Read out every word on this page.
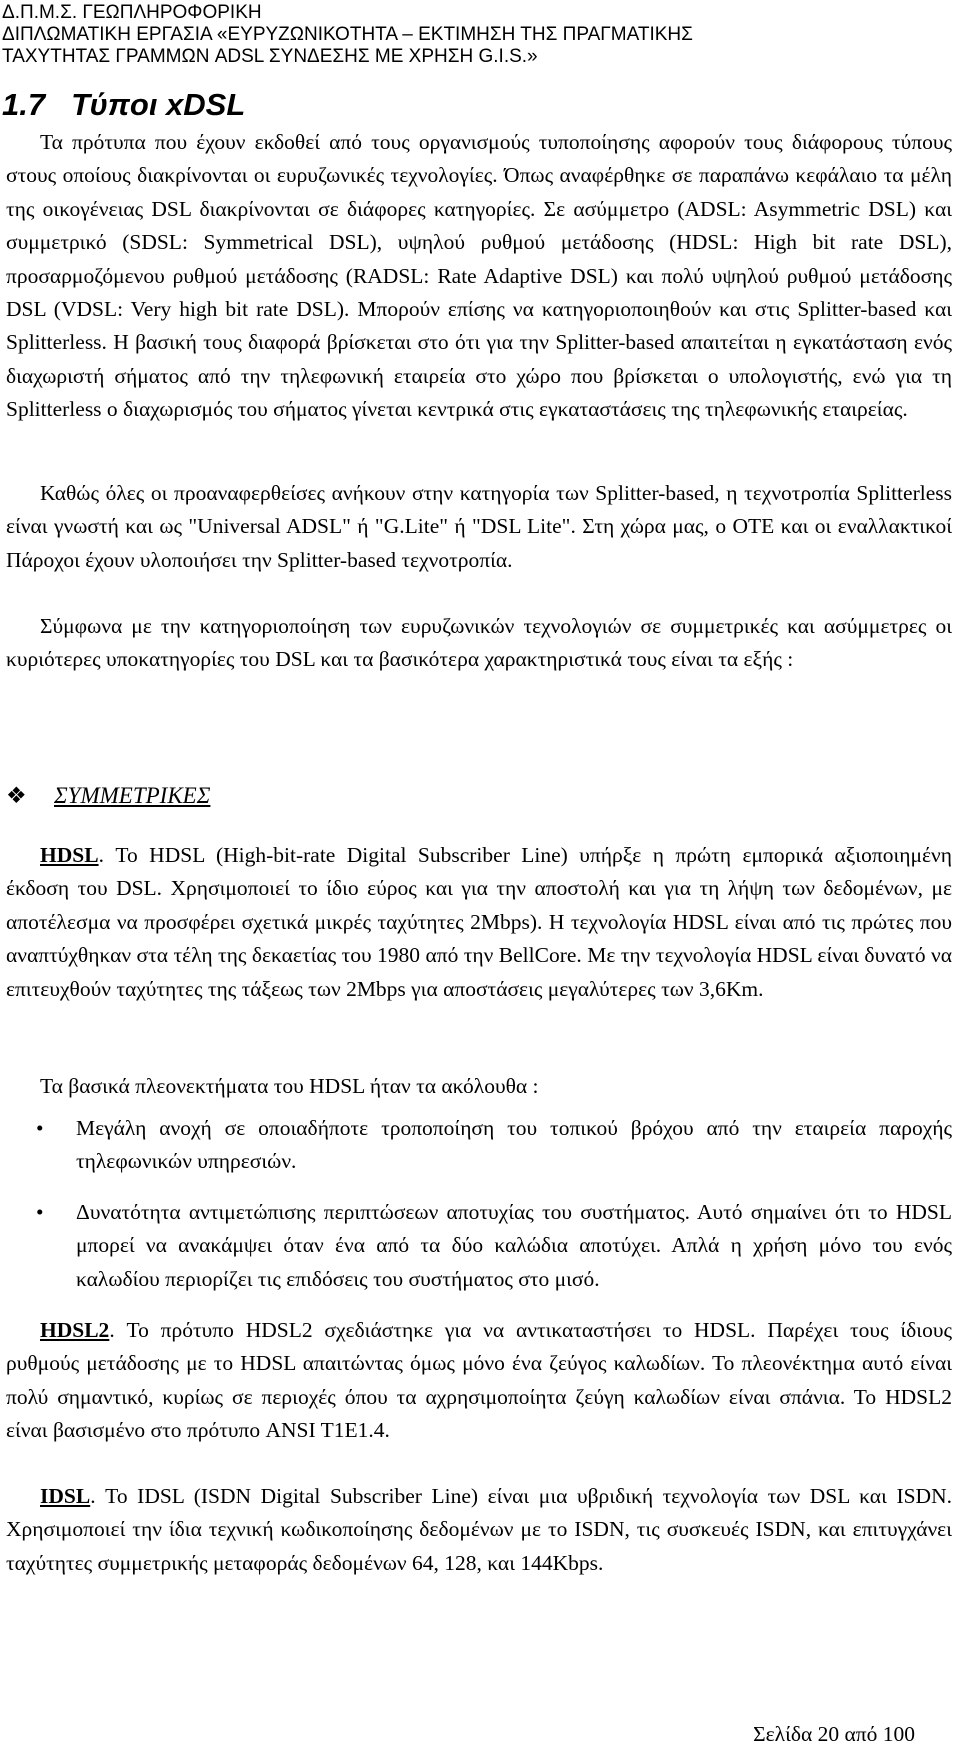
Δ.Π.Μ.Σ. ΓΕΩΠΛΗΡΟΦΟΡΙΚΗ
ΔΙΠΛΩΜΑΤΙΚΗ ΕΡΓΑΣΙΑ «ΕΥΡΥΖΩΝΙΚΟΤΗΤΑ – ΕΚΤΙΜΗΣΗ ΤΗΣ ΠΡΑΓΜΑΤΙΚΗΣ
ΤΑΧΥΤΗΤΑΣ ΓΡΑΜΜΩΝ ADSL ΣΥΝΔΕΣΗΣ ΜΕ ΧΡΗΣΗ G.I.S.»
1.7 Τύποι xDSL

Τα πρότυπα που έχουν εκδοθεί από τους οργανισμούς τυποποίησης αφορούν τους διάφορους τύπους στους οποίους διακρίνονται οι ευρυζωνικές τεχνολογίες. Όπως αναφέρθηκε σε παραπάνω κεφάλαιο τα μέλη της οικογένειας DSL διακρίνονται σε διάφορες κατηγορίες. Σε ασύμμετρο (ADSL: Asymmetric DSL) και συμμετρικό (SDSL: Symmetrical DSL), υψηλού ρυθμού μετάδοσης (HDSL: High bit rate DSL), προσαρμοζόμενου ρυθμού μετάδοσης (RADSL: Rate Adaptive DSL) και πολύ υψηλού ρυθμού μετάδοσης DSL (VDSL: Very high bit rate DSL). Μπορούν επίσης να κατηγοριοποιηθούν και στις Splitter-based και Splitterless. Η βασική τους διαφορά βρίσκεται στο ότι για την Splitter-based απαιτείται η εγκατάσταση ενός διαχωριστή σήματος από την τηλεφωνική εταιρεία στο χώρο που βρίσκεται ο υπολογιστής, ενώ για τη Splitterless ο διαχωρισμός του σήματος γίνεται κεντρικά στις εγκαταστάσεις της τηλεφωνικής εταιρείας.

Καθώς όλες οι προαναφερθείσες ανήκουν στην κατηγορία των Splitter-based, η τεχνοτροπία Splitterless είναι γνωστή και ως "Universal ADSL" ή "G.Lite" ή "DSL Lite". Στη χώρα μας, ο ΟΤΕ και οι εναλλακτικοί Πάροχοι έχουν υλοποιήσει την Splitter-based τεχνοτροπία.

Σύμφωνα με την κατηγοριοποίηση των ευρυζωνικών τεχνολογιών σε συμμετρικές και ασύμμετρες οι κυριότερες υποκατηγορίες του DSL και τα βασικότερα χαρακτηριστικά τους είναι τα εξής :

❖ ΣΥΜΜΕΤΡΙΚΕΣ

HDSL. Το HDSL (High-bit-rate Digital Subscriber Line) υπήρξε η πρώτη εμπορικά αξιοποιημένη έκδοση του DSL. Χρησιμοποιεί το ίδιο εύρος και για την αποστολή και για τη λήψη των δεδομένων, με αποτέλεσμα να προσφέρει σχετικά μικρές ταχύτητες 2Mbps). Η τεχνολογία HDSL είναι από τις πρώτες που αναπτύχθηκαν στα τέλη της δεκαετίας του 1980 από την BellCore. Με την τεχνολογία HDSL είναι δυνατό να επιτευχθούν ταχύτητες της τάξεως των 2Mbps για αποστάσεις μεγαλύτερες των 3,6Km.

Τα βασικά πλεονεκτήματα του HDSL ήταν τα ακόλουθα :

• Μεγάλη ανοχή σε οποιαδήποτε τροποποίηση του τοπικού βρόχου από την εταιρεία παροχής τηλεφωνικών υπηρεσιών.
• Δυνατότητα αντιμετώπισης περιπτώσεων αποτυχίας του συστήματος. Αυτό σημαίνει ότι το HDSL μπορεί να ανακάμψει όταν ένα από τα δύο καλώδια αποτύχει. Απλά η χρήση μόνο του ενός καλωδίου περιορίζει τις επιδόσεις του συστήματος στο μισό.

HDSL2. Το πρότυπο HDSL2 σχεδιάστηκε για να αντικαταστήσει το HDSL. Παρέχει τους ίδιους ρυθμούς μετάδοσης με το HDSL απαιτώντας όμως μόνο ένα ζεύγος καλωδίων. Το πλεονέκτημα αυτό είναι πολύ σημαντικό, κυρίως σε περιοχές όπου τα αχρησιμοποίητα ζεύγη καλωδίων είναι σπάνια. Το HDSL2 είναι βασισμένο στο πρότυπο ANSI T1E1.4.

IDSL. Το IDSL (ISDN Digital Subscriber Line) είναι μια υβριδική τεχνολογία των DSL και ISDN. Χρησιμοποιεί την ίδια τεχνική κωδικοποίησης δεδομένων με το ISDN, τις συσκευές ISDN, και επιτυγχάνει ταχύτητες συμμετρικής μεταφοράς δεδομένων 64, 128, και 144Kbps.

Σελίδα 20 από 100
